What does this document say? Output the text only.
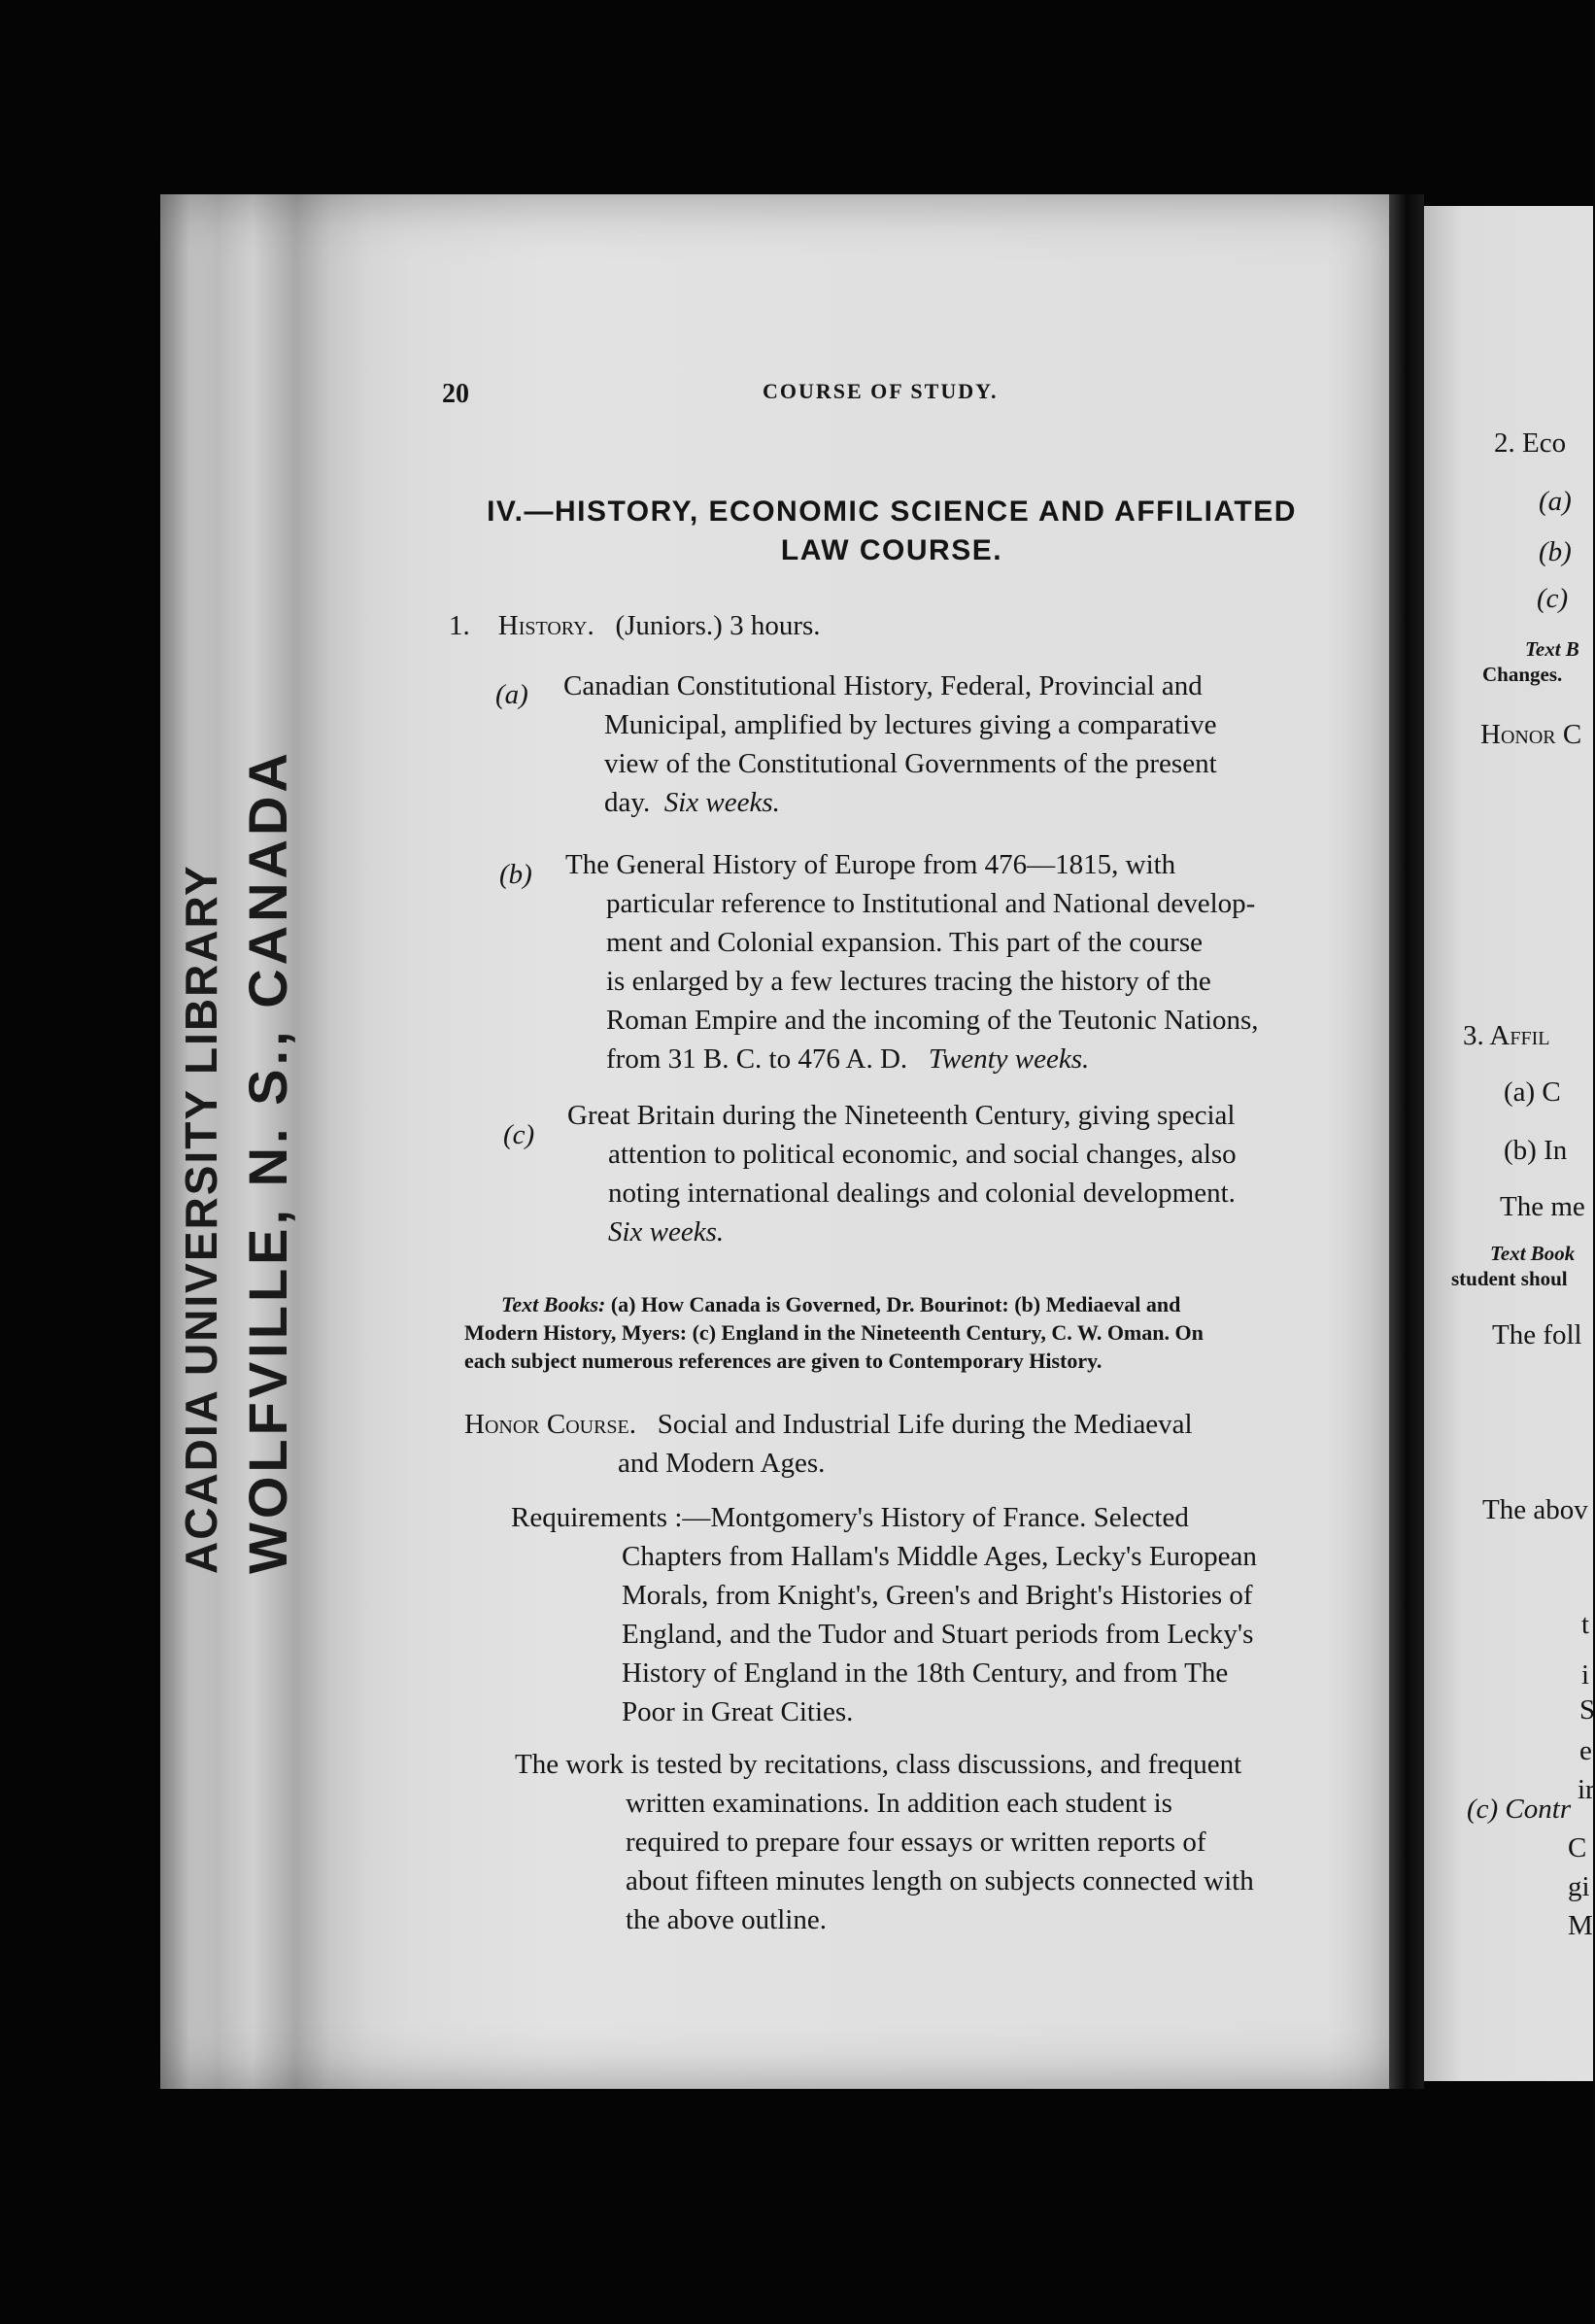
ACADIA UNIVERSITY LIBRARY WOLFVILLE, N. S., CANADA
20	COURSE OF STUDY.
IV.—HISTORY, ECONOMIC SCIENCE AND AFFILIATED
LAW COURSE.
1. History. (Juniors.) 3 hours.
(a) Canadian Constitutional History, Federal, Provincial and
Municipal, amplified by lectures giving a comparative
view of the Constitutional Governments of the present
day. Six weeks.
(b) The General History of Europe from 476—1815, with
particular reference to Institutional and National develop-
ment and Colonial expansion. This part of the course
is enlarged by a few lectures tracing the history of the
Roman Empire and the incoming of the Teutonic Nations,
from 31 B. C. to 476 A. D. Twenty weeks.
(c)
Great Britain during the Nineteenth Century, giving special
attention to political economic, and social changes, also
noting international dealings and colonial development.
Six weeks.
Text Books: (a) How Canada is Governed, Dr. Bourinot: (b) Mediaeval and
Modern History, Myers: (c) England in the Nineteenth Century, C. W. Oman. On
each subject numerous references are given to Contemporary History.
Honor Course. Social and Industrial Life during the Mediaeval
and Modern Ages.
Requirements :—Montgomery's History of France. Selected
Chapters from Hallam's Middle Ages, Lecky's European
Morals, from Knight's, Green's and Bright's Histories of
England, and the Tudor and Stuart periods from Lecky's
History of England in the 18th Century, and from The
Poor in Great Cities.
The work is tested by recitations, class discussions, and frequent
written examinations. In addition each student is
required to prepare four essays or written reports of
about fifteen minutes length on subjects connected with
the above outline.
2. Eco
(a)
(b)
(c)
Text B
Changes.
Honor C
3. Affil
(a) C
(b) In
The me
Text Book
student shoul
The foll
The abov
t
i
S
e
ir
(c) Contr
C
gi
M
